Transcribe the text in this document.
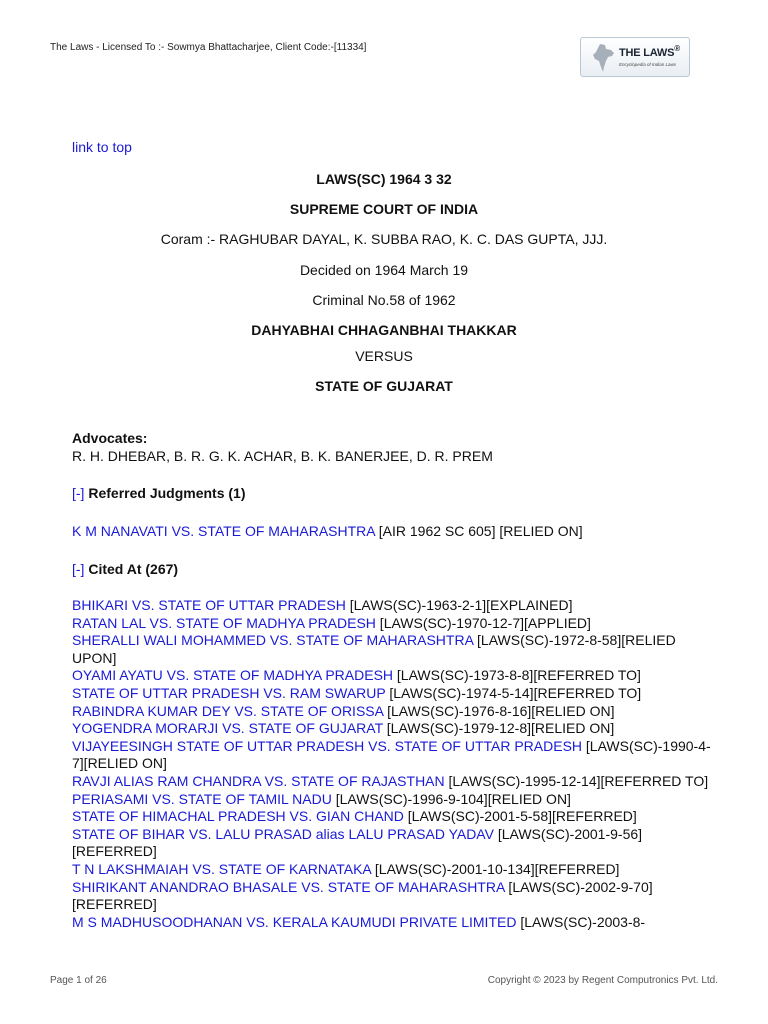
The Laws - Licensed To :- Sowmya Bhattacharjee, Client Code:-[11334]	THE LAWS®
Encyclopedia of Indian Laws
link to top
LAWS(SC) 1964 3 32
SUPREME COURT OF INDIA
Coram :- RAGHUBAR DAYAL, K. SUBBA RAO, K. C. DAS GUPTA, JJJ.
Decided on 1964 March 19
Criminal No.58 of 1962
DAHYABHAI CHHAGANBHAI THAKKAR
VERSUS
STATE OF GUJARAT
Advocates:
R. H. DHEBAR, B. R. G. K. ACHAR, B. K. BANERJEE, D. R. PREM
[-] Referred Judgments (1)
K M NANAVATI VS. STATE OF MAHARASHTRA [AIR 1962 SC 605] [RELIED ON]
[-] Cited At (267)
BHIKARI VS. STATE OF UTTAR PRADESH [LAWS(SC)-1963-2-1][EXPLAINED]
RATAN LAL VS. STATE OF MADHYA PRADESH [LAWS(SC)-1970-12-7][APPLIED]
SHERALLI WALI MOHAMMED VS. STATE OF MAHARASHTRA [LAWS(SC)-1972-8-58][RELIED UPON]
OYAMI AYATU VS. STATE OF MADHYA PRADESH [LAWS(SC)-1973-8-8][REFERRED TO]
STATE OF UTTAR PRADESH VS. RAM SWARUP [LAWS(SC)-1974-5-14][REFERRED TO]
RABINDRA KUMAR DEY VS. STATE OF ORISSA [LAWS(SC)-1976-8-16][RELIED ON]
YOGENDRA MORARJI VS. STATE OF GUJARAT [LAWS(SC)-1979-12-8][RELIED ON]
VIJAYEESINGH STATE OF UTTAR PRADESH VS. STATE OF UTTAR PRADESH [LAWS(SC)-1990-4-7][RELIED ON]
RAVJI ALIAS RAM CHANDRA VS. STATE OF RAJASTHAN [LAWS(SC)-1995-12-14][REFERRED TO]
PERIASAMI VS. STATE OF TAMIL NADU [LAWS(SC)-1996-9-104][RELIED ON]
STATE OF HIMACHAL PRADESH VS. GIAN CHAND [LAWS(SC)-2001-5-58][REFERRED]
STATE OF BIHAR VS. LALU PRASAD alias LALU PRASAD YADAV [LAWS(SC)-2001-9-56][REFERRED]
T N LAKSHMAIAH VS. STATE OF KARNATAKA [LAWS(SC)-2001-10-134][REFERRED]
SHIRIKANT ANANDRAO BHASALE VS. STATE OF MAHARASHTRA [LAWS(SC)-2002-9-70][REFERRED]
M S MADHUSOODHANAN VS. KERALA KAUMUDI PRIVATE LIMITED [LAWS(SC)-2003-8-
Page 1 of 26	Copyright © 2023 by Regent Computronics Pvt. Ltd.
